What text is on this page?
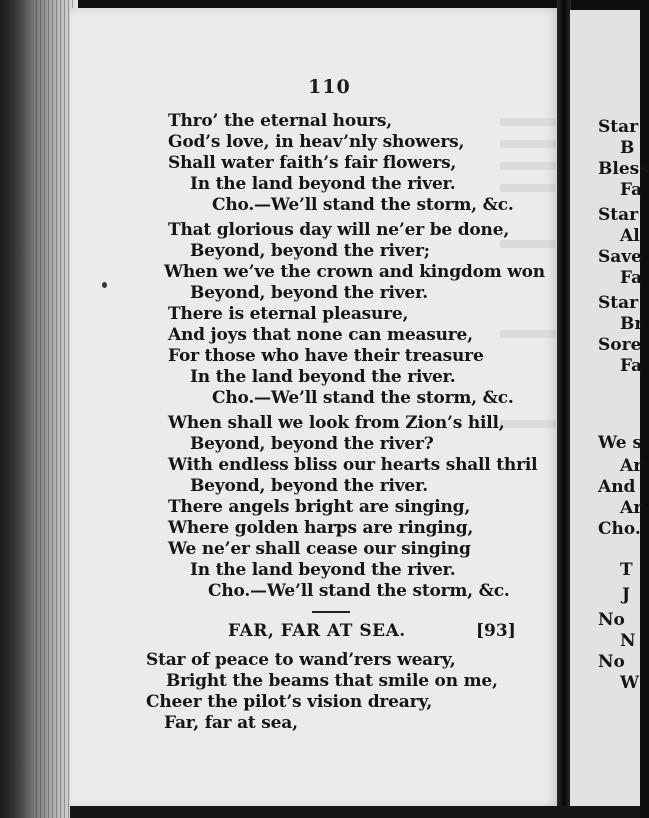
110
Thro’ the eternal hours,
God’s love, in heav’nly showers,
Shall water faith’s fair flowers,
In the land beyond the river.
Cho.—We’ll stand the storm, &c.
That glorious day will ne’er be done,
Beyond, beyond the river;
When we’ve the crown and kingdom won
Beyond, beyond the river.
There is eternal pleasure,
And joys that none can measure,
For those who have their treasure
In the land beyond the river.
Cho.—We’ll stand the storm, &c.
When shall we look from Zion’s hill,
Beyond, beyond the river?
With endless bliss our hearts shall thril
Beyond, beyond the river.
There angels bright are singing,
Where golden harps are ringing,
We ne’er shall cease our singing
In the land beyond the river.
Cho.—We’ll stand the storm, &c.
FAR, FAR AT SEA.	[93]
Star of peace to wand’rers weary,
Bright the beams that smile on me,
Cheer the pilot’s vision dreary,
Far, far at sea,
Star
B
Bless
Fa
Star
Al
Save
Fa
Star
Br
Sore
Fa
We s
Ar
And
Ar
Cho.
T
J
No
N
No
W
